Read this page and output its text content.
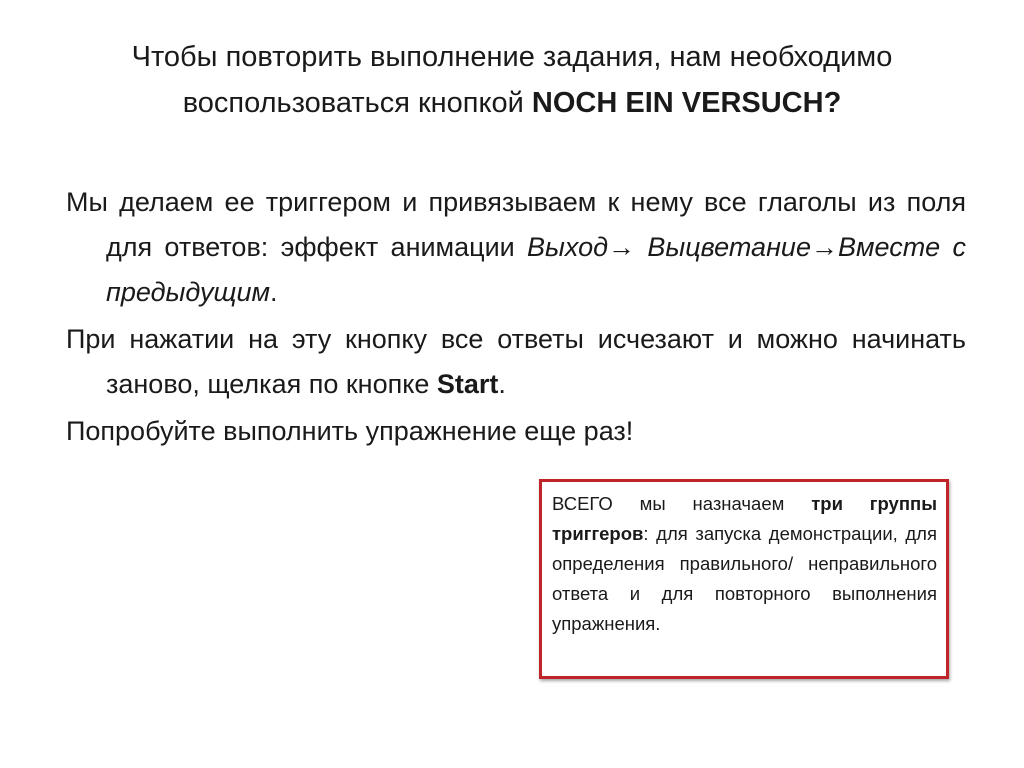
Чтобы повторить выполнение задания, нам необходимо воспользоваться кнопкой NOCH EIN VERSUCH?

Мы делаем ее триггером и привязываем к нему все глаголы из поля для ответов: эффект анимации Выход→ Выцветание→Вместе с предыдущим.

При нажатии на эту кнопку все ответы исчезают и можно начинать заново, щелкая по кнопке Start.

Попробуйте выполнить упражнение еще раз!

ВСЕГО мы назначаем три группы триггеров: для запуска демонстрации, для определения правильного/ неправильного ответа и для повторного выполнения упражнения.
